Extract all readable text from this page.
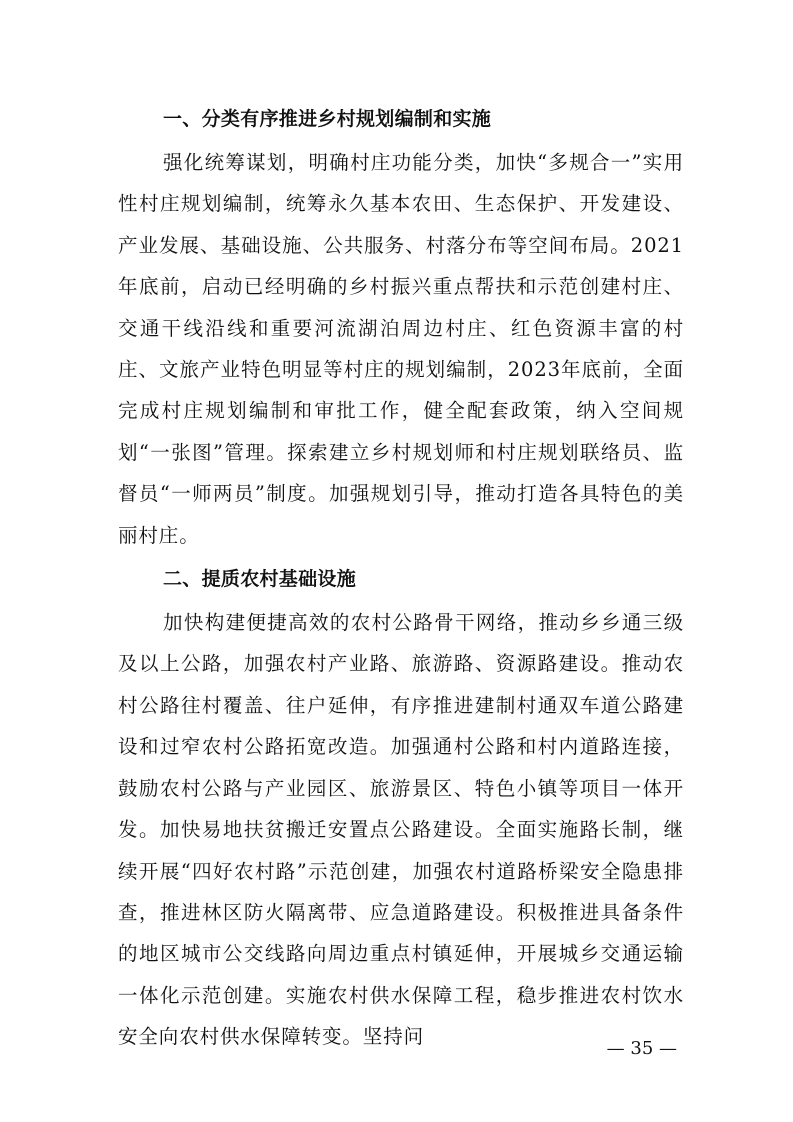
一、分类有序推进乡村规划编制和实施

强化统筹谋划，明确村庄功能分类，加快“多规合一”实用性村庄规划编制，统筹永久基本农田、生态保护、开发建设、产业发展、基础设施、公共服务、村落分布等空间布局。2021年底前，启动已经明确的乡村振兴重点帮扶和示范创建村庄、交通干线沿线和重要河流湖泊周边村庄、红色资源丰富的村庄、文旅产业特色明显等村庄的规划编制，2023年底前，全面完成村庄规划编制和审批工作，健全配套政策，纳入空间规划“一张图”管理。探索建立乡村规划师和村庄规划联络员、监督员“一师两员”制度。加强规划引导，推动打造各具特色的美丽村庄。

二、提质农村基础设施

加快构建便捷高效的农村公路骨干网络，推动乡乡通三级及以上公路，加强农村产业路、旅游路、资源路建设。推动农村公路往村覆盖、往户延伸，有序推进建制村通双车道公路建设和过窄农村公路拓宽改造。加强通村公路和村内道路连接，鼓励农村公路与产业园区、旅游景区、特色小镇等项目一体开发。加快易地扶贫搬迁安置点公路建设。全面实施路长制，继续开展“四好农村路”示范创建，加强农村道路桥梁安全隐患排查，推进林区防火隔离带、应急道路建设。积极推进具备条件的地区城市公交线路向周边重点村镇延伸，开展城乡交通运输一体化示范创建。实施农村供水保障工程，稳步推进农村饮水安全向农村供水保障转变。坚持问

— 35 —
